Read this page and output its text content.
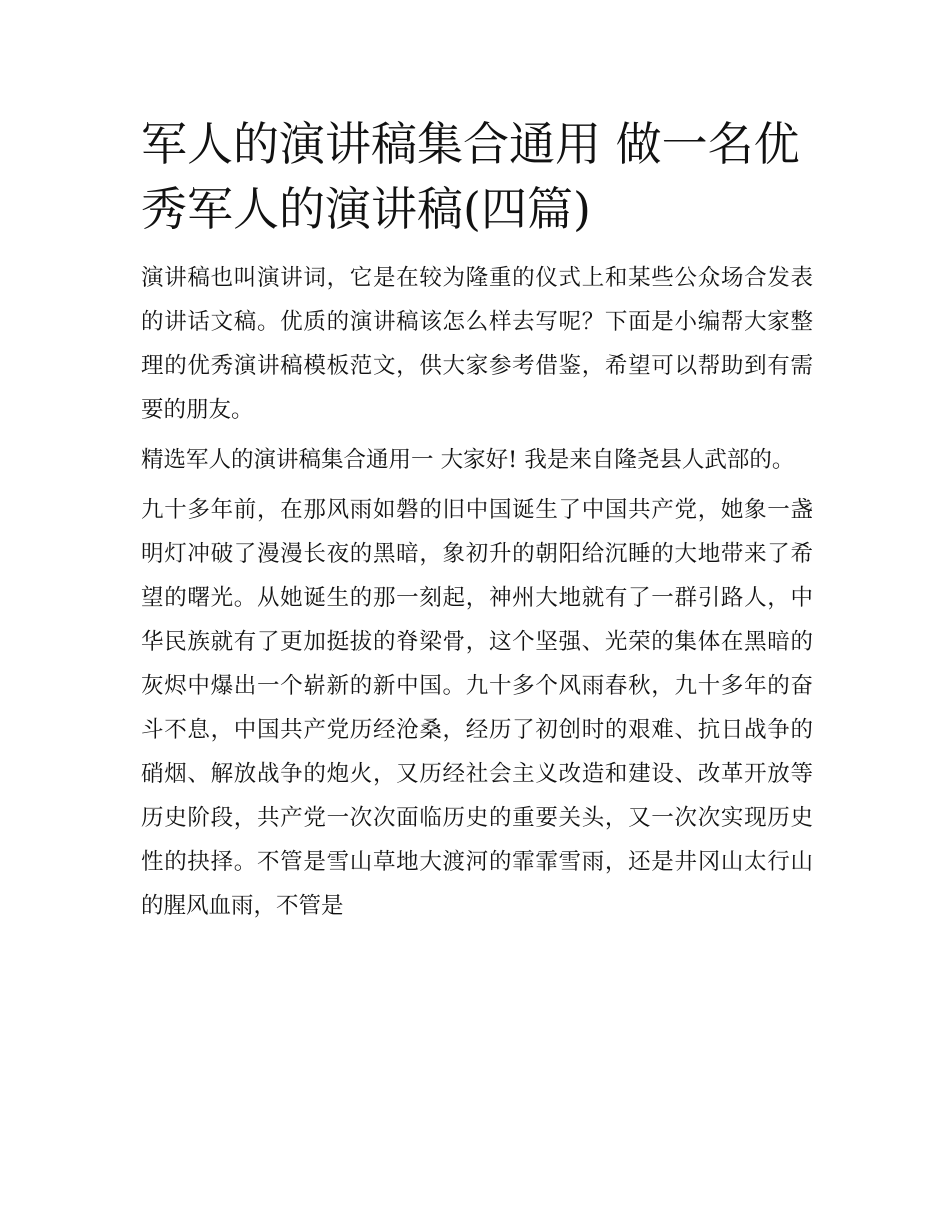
军人的演讲稿集合通用 做一名优秀军人的演讲稿(四篇)

演讲稿也叫演讲词，它是在较为隆重的仪式上和某些公众场合发表的讲话文稿。优质的演讲稿该怎么样去写呢？下面是小编帮大家整理的优秀演讲稿模板范文，供大家参考借鉴，希望可以帮助到有需要的朋友。

精选军人的演讲稿集合通用一 大家好! 我是来自隆尧县人武部的。

九十多年前，在那风雨如磐的旧中国诞生了中国共产党，她象一盏明灯冲破了漫漫长夜的黑暗，象初升的朝阳给沉睡的大地带来了希望的曙光。从她诞生的那一刻起，神州大地就有了一群引路人，中华民族就有了更加挺拔的脊梁骨，这个坚强、光荣的集体在黑暗的灰烬中爆出一个崭新的新中国。九十多个风雨春秋，九十多年的奋斗不息，中国共产党历经沧桑，经历了初创时的艰难、抗日战争的硝烟、解放战争的炮火，又历经社会主义改造和建设、改革开放等历史阶段，共产党一次次面临历史的重要关头，又一次次实现历史性的抉择。不管是雪山草地大渡河的霏霏雪雨，还是井冈山太行山的腥风血雨，不管是
